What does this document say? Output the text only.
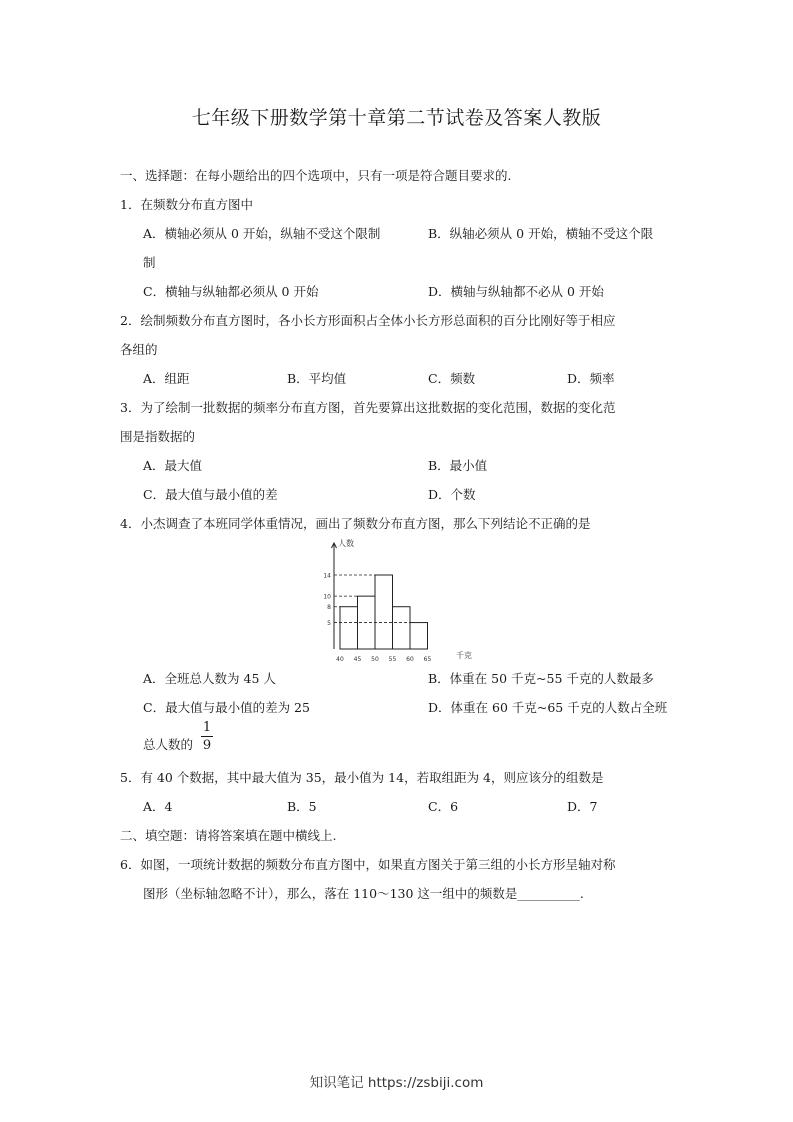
七年级下册数学第十章第二节试卷及答案人教版
一、选择题：在每小题给出的四个选项中，只有一项是符合题目要求的.
1．在频数分布直方图中
A．横轴必须从 0 开始，纵轴不受这个限制	B．纵轴必须从 0 开始，横轴不受这个限
制
C．横轴与纵轴都必须从 0 开始	D．横轴与纵轴都不必从 0 开始
2．绘制频数分布直方图时，各小长方形面积占全体小长方形总面积的百分比刚好等于相应
各组的
A．组距	B．平均值	C．频数	D．频率
3．为了绘制一批数据的频率分布直方图，首先要算出这批数据的变化范围，数据的变化范
围是指数据的
A．最大值	B．最小值
C．最大值与最小值的差	D．个数
4．小杰调查了本班同学体重情况，画出了频数分布直方图，那么下列结论不正确的是
5
8
10
14
40 45 50 55 60 65
人数
千克
A．全班总人数为 45 人	B．体重在 50 千克~55 千克的人数最多
C．最大值与最小值的差为 25	D．体重在 60 千克~65 千克的人数占全班
总人数的
1
9
5．有 40 个数据，其中最大值为 35，最小值为 14，若取组距为 4，则应该分的组数是
A．4	B．5	C．6	D．7
二、填空题：请将答案填在题中横线上.
6．如图，一项统计数据的频数分布直方图中，如果直方图关于第三组的小长方形呈轴对称
图形（坐标轴忽略不计），那么，落在 110～130 这一组中的频数是__________.
知识笔记 https://zsbiji.com
